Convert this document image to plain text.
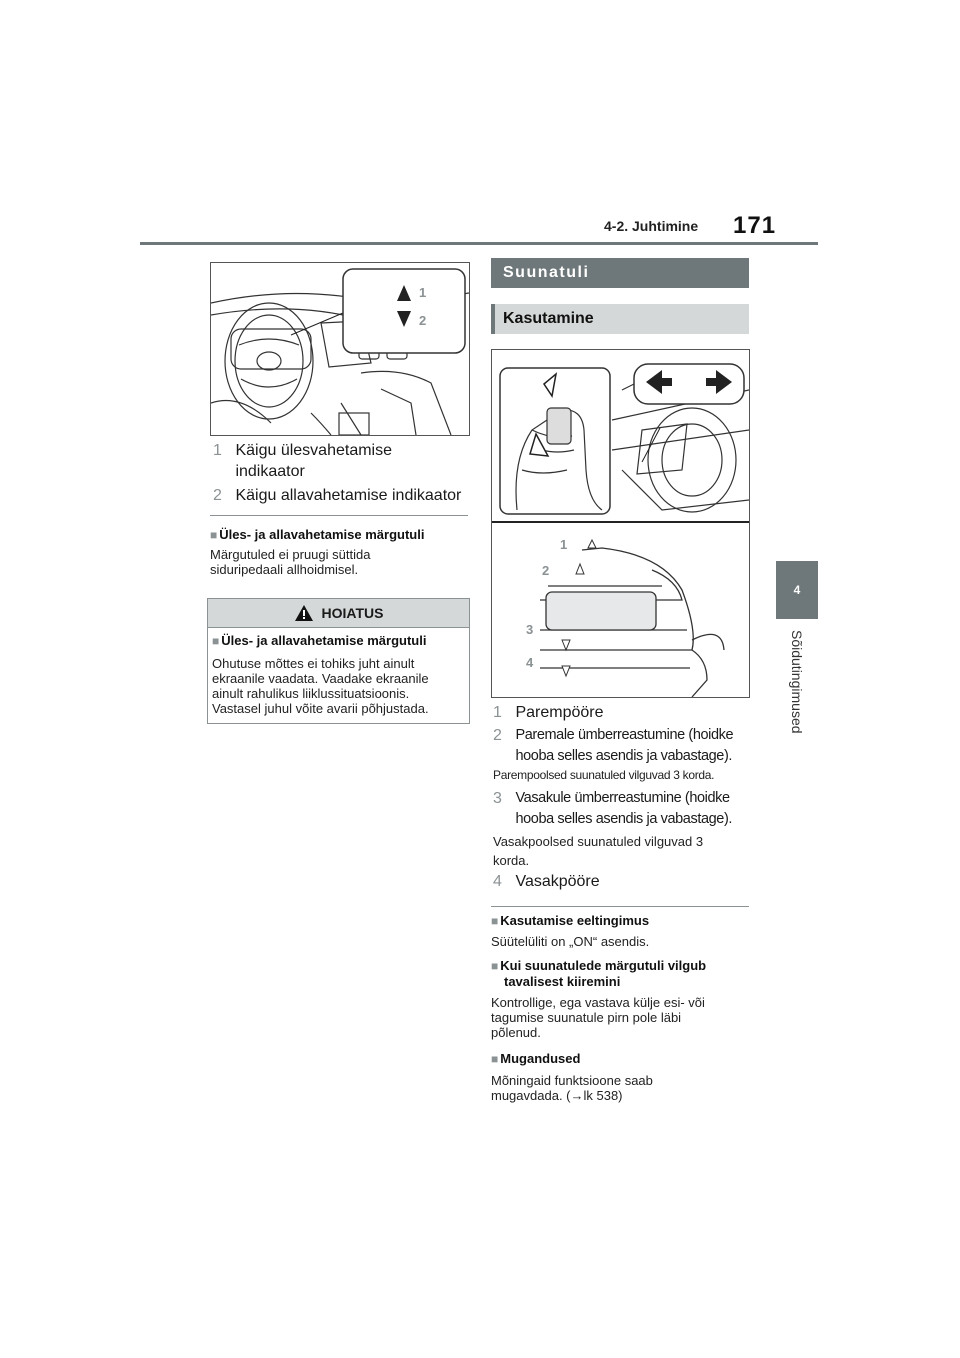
4-2. Juhtimine 171
4
Sõidutingimused
1
2
1 Käigu ülesvahetamise
indikaator
2 Käigu allavahetamise indikaator
■ Üles- ja allavahetamise märgutuli
Märgutuled ei pruugi süttida
siduripedaali allhoidmisel.
HOIATUS
■ Üles- ja allavahetamise märgutuli
Ohutuse mõttes ei tohiks juht ainult
ekraanile vaadata. Vaadake ekraanile
ainult rahulikus liiklussituatsioonis.
Vastasel juhul võite avarii põhjustada.
Suunatuli
Kasutamine
1
2
3
4
1 Parempööre
2 Paremale ümberreastumine (hoidke
hooba selles asendis ja vabastage).
Parempoolsed suunatuled vilguvad 3 korda.
3 Vasakule ümberreastumine (hoidke
hooba selles asendis ja vabastage).
Vasakpoolsed suunatuled vilguvad 3
korda.
4 Vasakpööre
■ Kasutamise eeltingimus
Süütelüliti on „ON“ asendis.
■ Kui suunatulede märgutuli vilgub
tavalisest kiiremini
Kontrollige, ega vastava külje esi- või
tagumise suunatule pirn pole läbi
põlenud.
■ Mugandused
Mõningaid funktsioone saab
mugavdada. (→lk 538)
